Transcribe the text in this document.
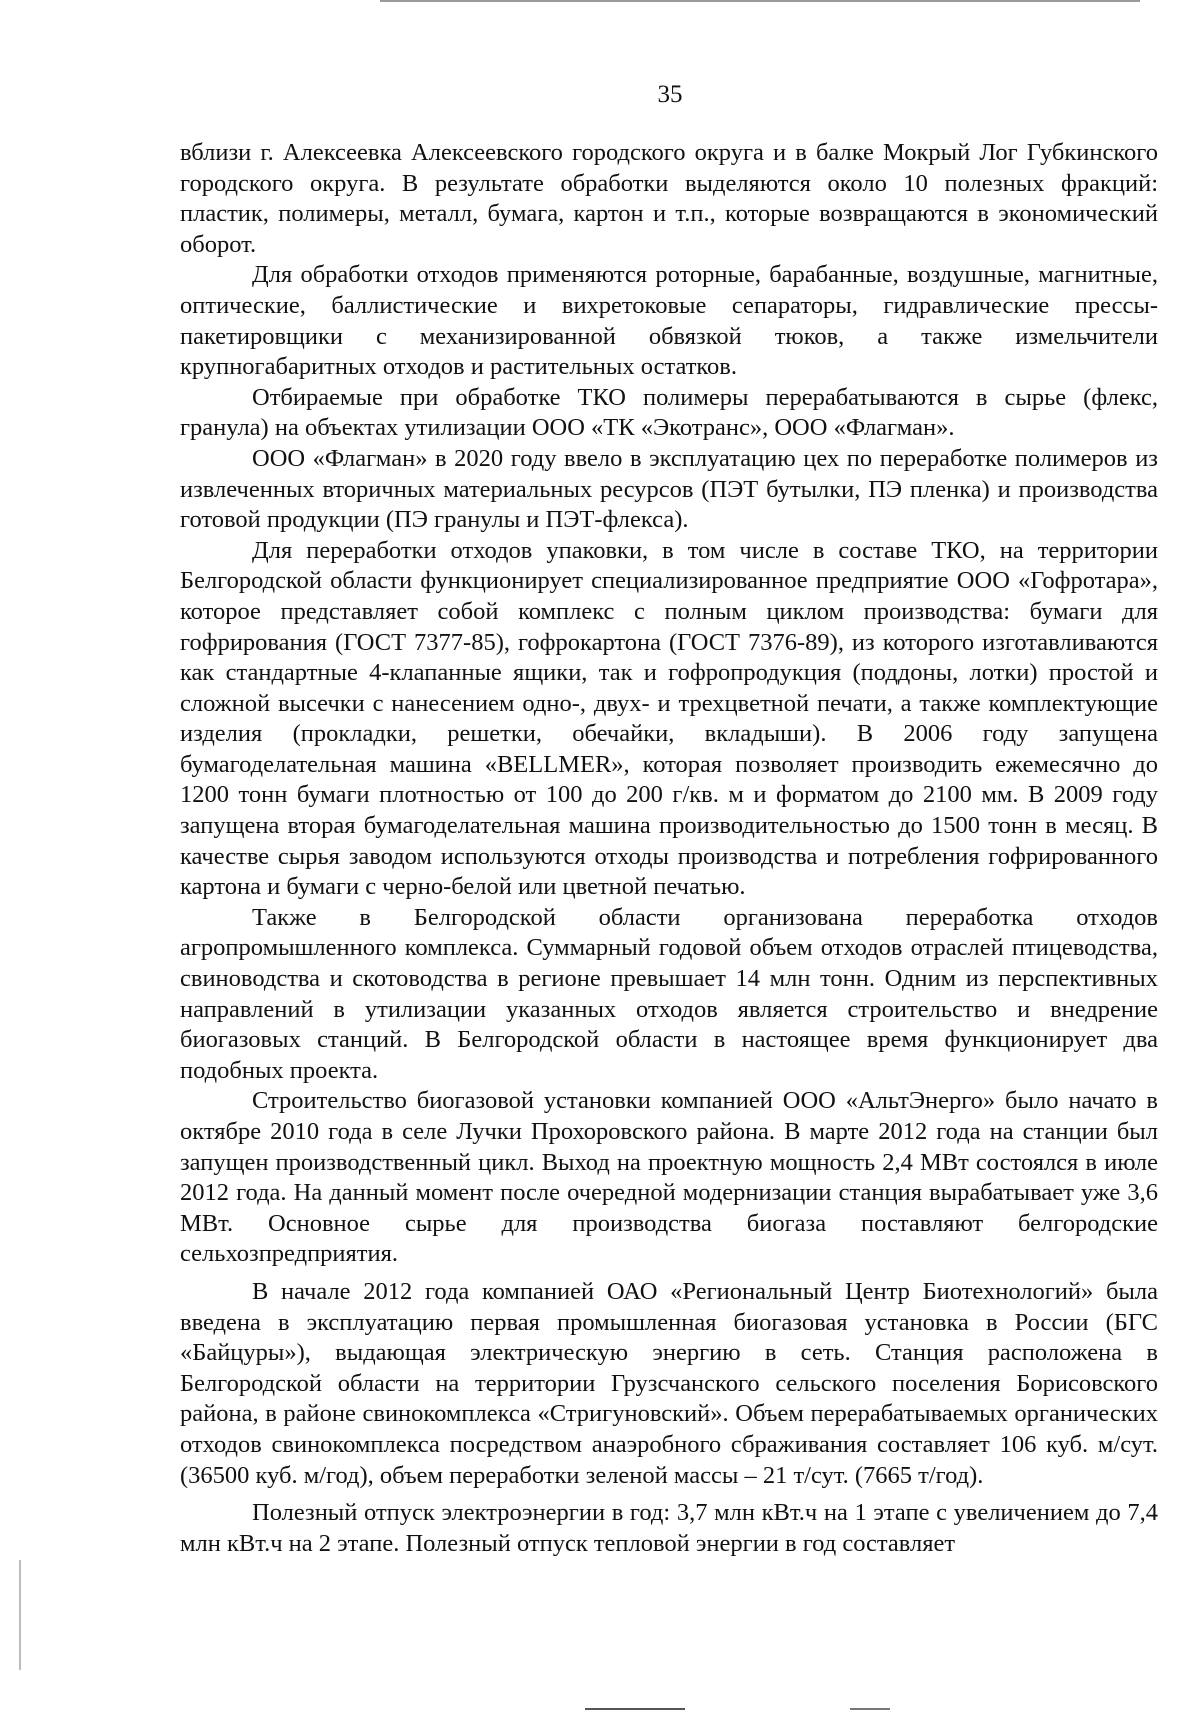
35

вблизи г. Алексеевка Алексеевского городского округа и в балке Мокрый Лог Губкинского городского округа. В результате обработки выделяются около 10 полезных фракций: пластик, полимеры, металл, бумага, картон и т.п., которые возвращаются в экономический оборот.

Для обработки отходов применяются роторные, барабанные, воздушные, магнитные, оптические, баллистические и вихретоковые сепараторы, гидравлические прессы-пакетировщики с механизированной обвязкой тюков, а также измельчители крупногабаритных отходов и растительных остатков.

Отбираемые при обработке ТКО полимеры перерабатываются в сырье (флекс, гранула) на объектах утилизации ООО «ТК «Экотранс», ООО «Флагман».

ООО «Флагман» в 2020 году ввело в эксплуатацию цех по переработке полимеров из извлеченных вторичных материальных ресурсов (ПЭТ бутылки, ПЭ пленка) и производства готовой продукции (ПЭ гранулы и ПЭТ-флекса).

Для переработки отходов упаковки, в том числе в составе ТКО, на территории Белгородской области функционирует специализированное предприятие ООО «Гофротара», которое представляет собой комплекс с полным циклом производства: бумаги для гофрирования (ГОСТ 7377-85), гофрокартона (ГОСТ 7376-89), из которого изготавливаются как стандартные 4-клапанные ящики, так и гофропродукция (поддоны, лотки) простой и сложной высечки с нанесением одно-, двух- и трехцветной печати, а также комплектующие изделия (прокладки, решетки, обечайки, вкладыши). В 2006 году запущена бумагоделательная машина «BELLMER», которая позволяет производить ежемесячно до 1200 тонн бумаги плотностью от 100 до 200 г/кв. м и форматом до 2100 мм. В 2009 году запущена вторая бумагоделательная машина производительностью до 1500 тонн в месяц. В качестве сырья заводом используются отходы производства и потребления гофрированного картона и бумаги с черно-белой или цветной печатью.

Также в Белгородской области организована переработка отходов агропромышленного комплекса. Суммарный годовой объем отходов отраслей птицеводства, свиноводства и скотоводства в регионе превышает 14 млн тонн. Одним из перспективных направлений в утилизации указанных отходов является строительство и внедрение биогазовых станций. В Белгородской области в настоящее время функционирует два подобных проекта.

Строительство биогазовой установки компанией ООО «АльтЭнерго» было начато в октябре 2010 года в селе Лучки Прохоровского района. В марте 2012 года на станции был запущен производственный цикл. Выход на проектную мощность 2,4 МВт состоялся в июле 2012 года. На данный момент после очередной модернизации станция вырабатывает уже 3,6 МВт. Основное сырье для производства биогаза поставляют белгородские сельхозпредприятия.

В начале 2012 года компанией ОАО «Региональный Центр Биотехнологий» была введена в эксплуатацию первая промышленная биогазовая установка в России (БГС «Байцуры»), выдающая электрическую энергию в сеть. Станция расположена в Белгородской области на территории Грузсчанского сельского поселения Борисовского района, в районе свинокомплекса «Стригуновский». Объем перерабатываемых органических отходов свинокомплекса посредством анаэробного сбраживания составляет 106 куб. м/сут. (36500 куб. м/год), объем переработки зеленой массы – 21 т/сут. (7665 т/год).

Полезный отпуск электроэнергии в год: 3,7 млн кВт.ч на 1 этапе с увеличением до 7,4 млн кВт.ч на 2 этапе. Полезный отпуск тепловой энергии в год составляет
